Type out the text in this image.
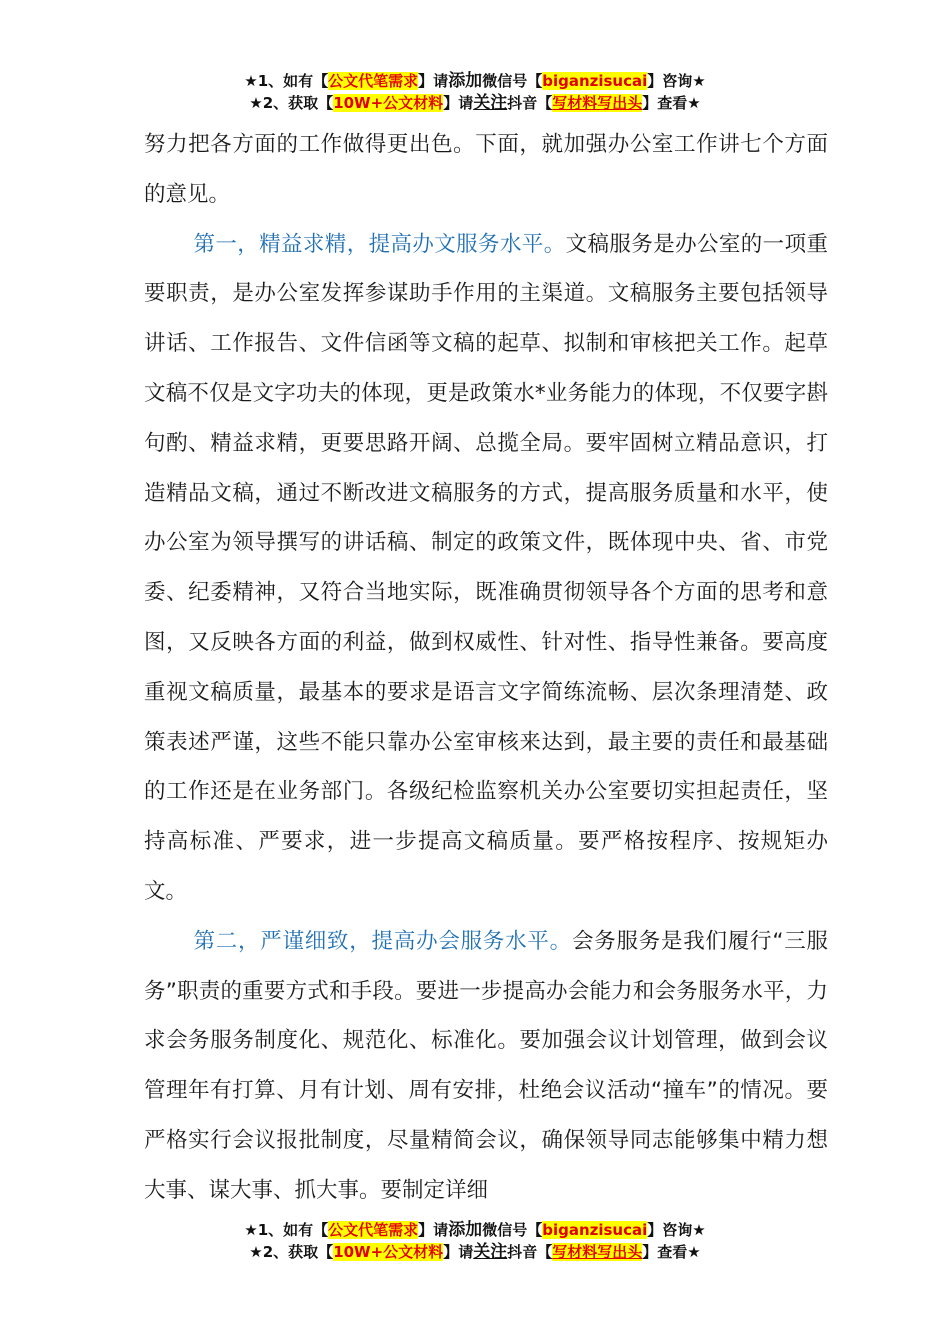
★1、如有【公文代笔需求】请添加微信号【biganzisucai】咨询★
★2、获取【10W+公文材料】请关注抖音【写材料写出头】查看★

努力把各方面的工作做得更出色。下面，就加强办公室工作讲七个方面的意见。

第一，精益求精，提高办文服务水平。文稿服务是办公室的一项重要职责，是办公室发挥参谋助手作用的主渠道。文稿服务主要包括领导讲话、工作报告、文件信函等文稿的起草、拟制和审核把关工作。起草文稿不仅是文字功夫的体现，更是政策水*业务能力的体现，不仅要字斟句酌、精益求精，更要思路开阔、总揽全局。要牢固树立精品意识，打造精品文稿，通过不断改进文稿服务的方式，提高服务质量和水平，使办公室为领导撰写的讲话稿、制定的政策文件，既体现中央、省、市党委、纪委精神，又符合当地实际，既准确贯彻领导各个方面的思考和意图，又反映各方面的利益，做到权威性、针对性、指导性兼备。要高度重视文稿质量，最基本的要求是语言文字简练流畅、层次条理清楚、政策表述严谨，这些不能只靠办公室审核来达到，最主要的责任和最基础的工作还是在业务部门。各级纪检监察机关办公室要切实担起责任，坚持高标准、严要求，进一步提高文稿质量。要严格按程序、按规矩办文。

第二，严谨细致，提高办会服务水平。会务服务是我们履行“三服务”职责的重要方式和手段。要进一步提高办会能力和会务服务水平，力求会务服务制度化、规范化、标准化。要加强会议计划管理，做到会议管理年有打算、月有计划、周有安排，杜绝会议活动“撞车”的情况。要严格实行会议报批制度，尽量精简会议，确保领导同志能够集中精力想大事、谋大事、抓大事。要制定详细

★1、如有【公文代笔需求】请添加微信号【biganzisucai】咨询★
★2、获取【10W+公文材料】请关注抖音【写材料写出头】查看★
